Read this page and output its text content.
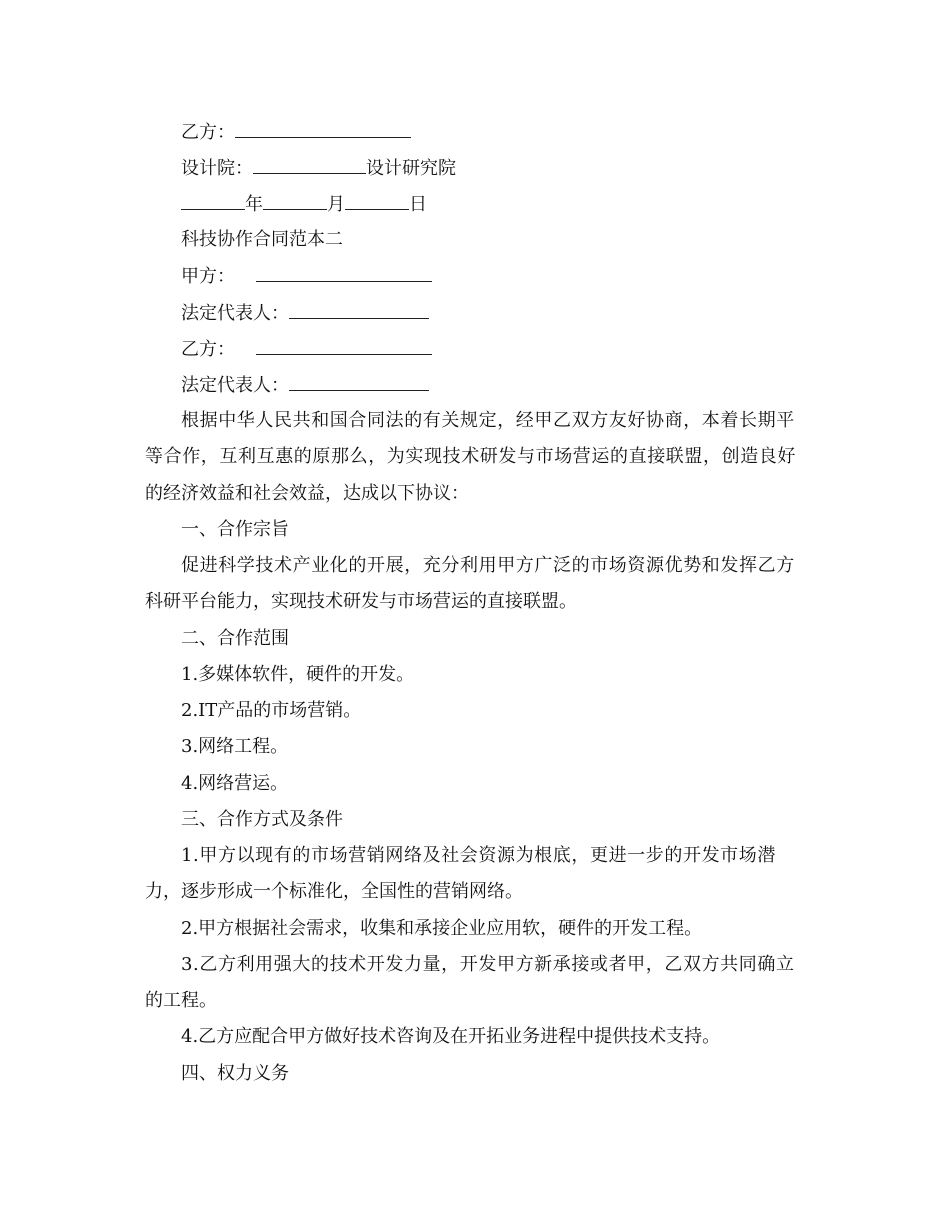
乙方：
设计院：	设计研究院
年	月	日
科技协作合同范本二
甲方：
法定代表人：
乙方：
法定代表人：
根据中华人民共和国合同法的有关规定，经甲乙双方友好协商，本着长期平
等合作，互利互惠的原那么，为实现技术研发与市场营运的直接联盟，创造良好
的经济效益和社会效益，达成以下协议：
一、合作宗旨
促进科学技术产业化的开展，充分利用甲方广泛的市场资源优势和发挥乙方
科研平台能力，实现技术研发与市场营运的直接联盟。
二、合作范围
1.多媒体软件，硬件的开发。
2.IT产品的市场营销。
3.网络工程。
4.网络营运。
三、合作方式及条件
1.甲方以现有的市场营销网络及社会资源为根底，更进一步的开发市场潜
力，逐步形成一个标准化，全国性的营销网络。
2.甲方根据社会需求，收集和承接企业应用软，硬件的开发工程。
3.乙方利用强大的技术开发力量，开发甲方新承接或者甲，乙双方共同确立
的工程。
4.乙方应配合甲方做好技术咨询及在开拓业务进程中提供技术支持。
四、权力义务
